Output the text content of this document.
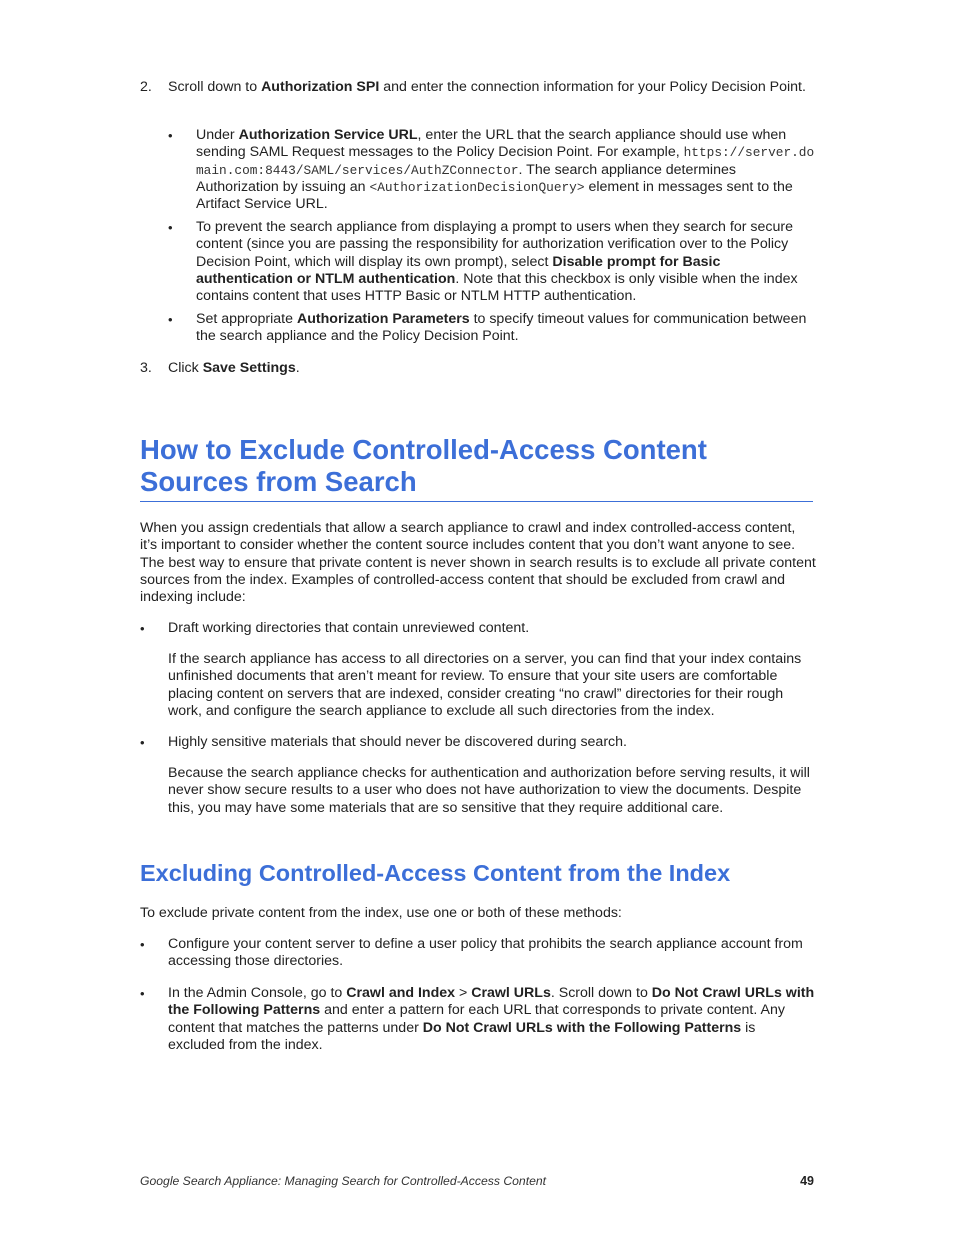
2. Scroll down to Authorization SPI and enter the connection information for your Policy Decision Point.
• Under Authorization Service URL, enter the URL that the search appliance should use when sending SAML Request messages to the Policy Decision Point. For example, https://server.domain.com:8443/SAML/services/AuthZConnector. The search appliance determines Authorization by issuing an <AuthorizationDecisionQuery> element in messages sent to the Artifact Service URL.
• To prevent the search appliance from displaying a prompt to users when they search for secure content (since you are passing the responsibility for authorization verification over to the Policy Decision Point, which will display its own prompt), select Disable prompt for Basic authentication or NTLM authentication. Note that this checkbox is only visible when the index contains content that uses HTTP Basic or NTLM HTTP authentication.
• Set appropriate Authorization Parameters to specify timeout values for communication between the search appliance and the Policy Decision Point.
3. Click Save Settings.
How to Exclude Controlled-Access Content Sources from Search
When you assign credentials that allow a search appliance to crawl and index controlled-access content, it’s important to consider whether the content source includes content that you don’t want anyone to see. The best way to ensure that private content is never shown in search results is to exclude all private content sources from the index. Examples of controlled-access content that should be excluded from crawl and indexing include:
• Draft working directories that contain unreviewed content.
If the search appliance has access to all directories on a server, you can find that your index contains unfinished documents that aren’t meant for review. To ensure that your site users are comfortable placing content on servers that are indexed, consider creating “no crawl” directories for their rough work, and configure the search appliance to exclude all such directories from the index.
• Highly sensitive materials that should never be discovered during search.
Because the search appliance checks for authentication and authorization before serving results, it will never show secure results to a user who does not have authorization to view the documents. Despite this, you may have some materials that are so sensitive that they require additional care.
Excluding Controlled-Access Content from the Index
To exclude private content from the index, use one or both of these methods:
• Configure your content server to define a user policy that prohibits the search appliance account from accessing those directories.
• In the Admin Console, go to Crawl and Index > Crawl URLs. Scroll down to Do Not Crawl URLs with the Following Patterns and enter a pattern for each URL that corresponds to private content. Any content that matches the patterns under Do Not Crawl URLs with the Following Patterns is excluded from the index.
Google Search Appliance: Managing Search for Controlled-Access Content	49
